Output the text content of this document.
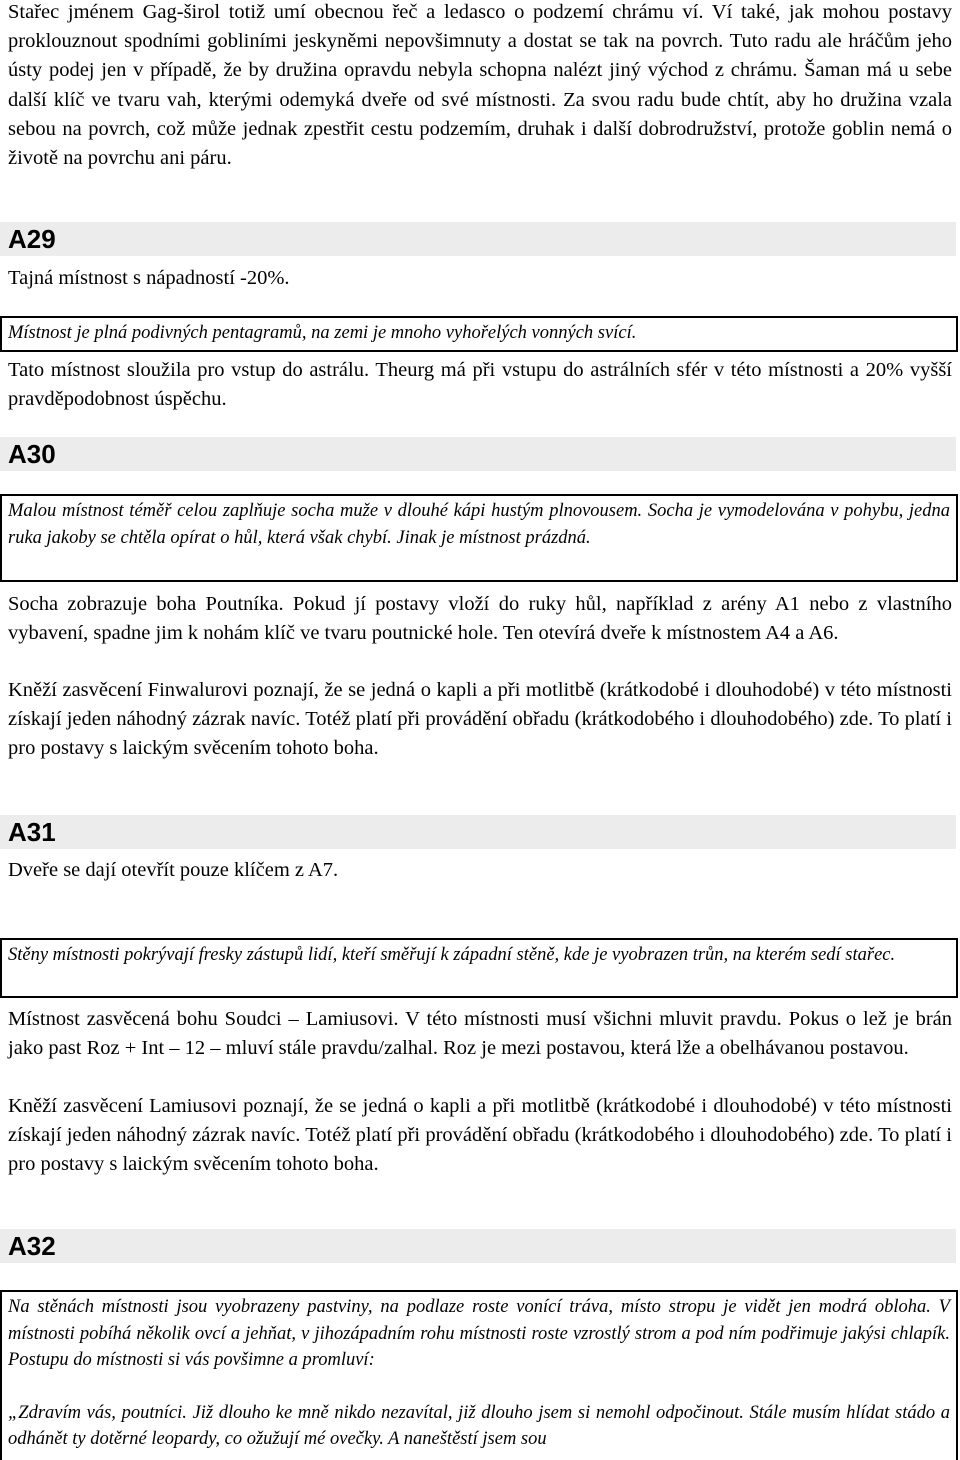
Stařec jménem Gag-širol totiž umí obecnou řeč a ledasco o podzemí chrámu ví. Ví také, jak mohou postavy proklouznout spodními gobliními jeskyněmi nepovšimnuty a dostat se tak na povrch. Tuto radu ale hráčům jeho ústy podej jen v případě, že by družina opravdu nebyla schopna nalézt jiný východ z chrámu. Šaman má u sebe další klíč ve tvaru vah, kterými odemyká dveře od své místnosti. Za svou radu bude chtít, aby ho družina vzala sebou na povrch, což může jednak zpestřit cestu podzemím, druhak i další dobrodružství, protože goblin nemá o životě na povrchu ani páru.

A29

Tajná místnost s nápadností -20%.

Místnost je plná podivných pentagramů, na zemi je mnoho vyhořelých vonných svící.

Tato místnost sloužila pro vstup do astrálu. Theurg má při vstupu do astrálních sfér v této místnosti a 20% vyšší pravděpodobnost úspěchu.

A30

Malou místnost téměř celou zaplňuje socha muže v dlouhé kápi hustým plnovousem. Socha je vymodelována v pohybu, jedna ruka jakoby se chtěla opírat o hůl, která však chybí. Jinak je místnost prázdná.

Socha zobrazuje boha Poutníka. Pokud jí postavy vloží do ruky hůl, například z arény A1 nebo z vlastního vybavení, spadne jim k nohám klíč ve tvaru poutnické hole. Ten otevírá dveře k místnostem A4 a A6.

Kněží zasvěcení Finwalurovi poznají, že se jedná o kapli a při motlitbě (krátkodobé i dlouhodobé) v této místnosti získají jeden náhodný zázrak navíc. Totéž platí při provádění obřadu (krátkodobého i dlouhodobého) zde. To platí i pro postavy s laickým svěcením tohoto boha.

A31

Dveře se dají otevřít pouze klíčem z A7.

Stěny místnosti pokrývají fresky zástupů lidí, kteří směřují k západní stěně, kde je vyobrazen trůn, na kterém sedí stařec.

Místnost zasvěcená bohu Soudci – Lamiusovi. V této místnosti musí všichni mluvit pravdu. Pokus o lež je brán jako past Roz + Int – 12 – mluví stále pravdu/zalhal. Roz je mezi postavou, která lže a obelhávanou postavou.

Kněží zasvěcení Lamiusovi poznají, že se jedná o kapli a při motlitbě (krátkodobé i dlouhodobé) v této místnosti získají jeden náhodný zázrak navíc. Totéž platí při provádění obřadu (krátkodobého i dlouhodobého) zde. To platí i pro postavy s laickým svěcením tohoto boha.

A32

Na stěnách místnosti jsou vyobrazeny pastviny, na podlaze roste vonící tráva, místo stropu je vidět jen modrá obloha. V místnosti pobíhá několik ovcí a jehňat, v jihozápadním rohu místnosti roste vzrostlý strom a pod ním podřimuje jakýsi chlapík. Postupu do místnosti si vás povšimne a promluví:

„Zdravím vás, poutníci. Již dlouho ke mně nikdo nezavítal, již dlouho jsem si nemohl odpočinout. Stále musím hlídat stádo a odhánět ty dotěrné leopardy, co ožužují mé ovečky. A naneštěstí jsem sou
